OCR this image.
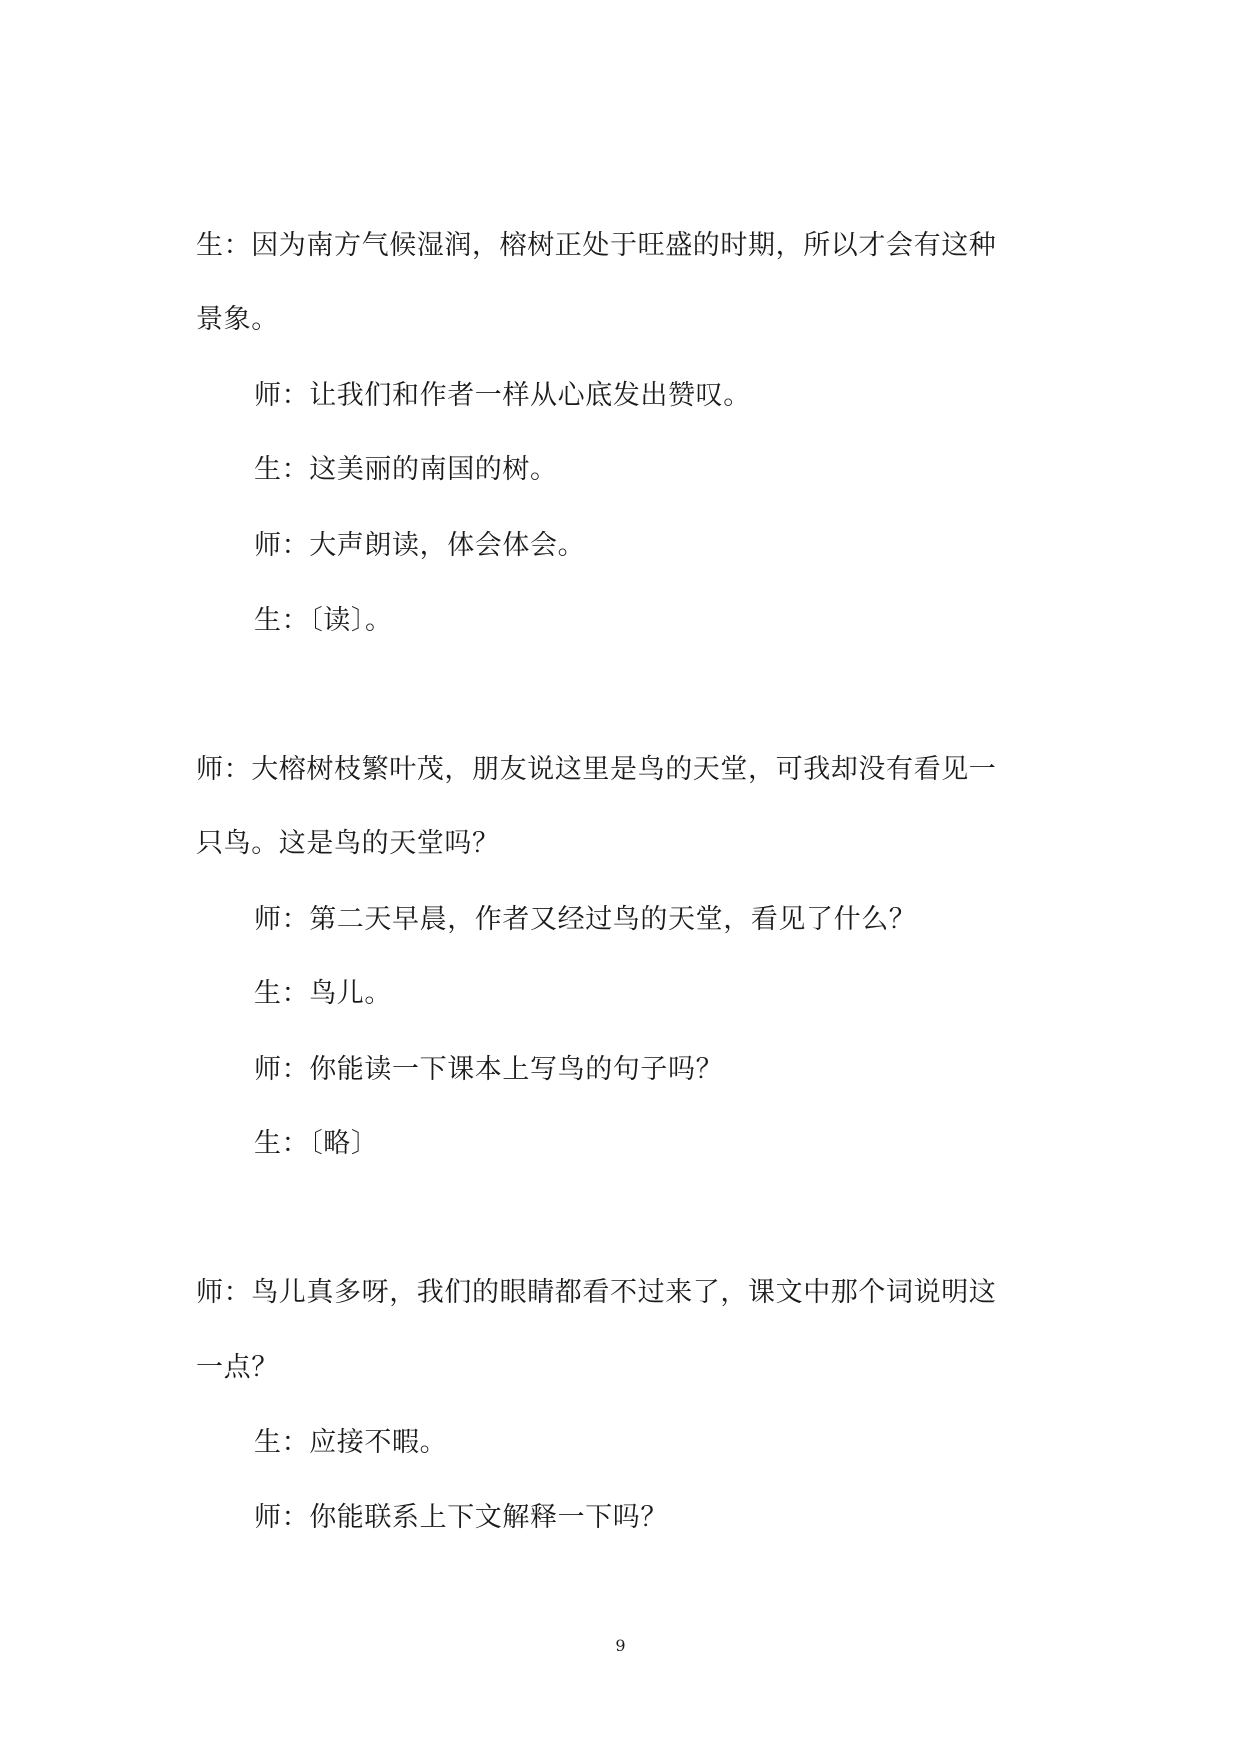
生：因为南方气候湿润，榕树正处于旺盛的时期，所以才会有这种

景象。

师：让我们和作者一样从心底发出赞叹。

生：这美丽的南国的树。

师：大声朗读，体会体会。

生：〔读〕。

师：大榕树枝繁叶茂，朋友说这里是鸟的天堂，可我却没有看见一

只鸟。这是鸟的天堂吗？

师：第二天早晨，作者又经过鸟的天堂，看见了什么？

生：鸟儿。

师：你能读一下课本上写鸟的句子吗？

生：〔略〕

师：鸟儿真多呀，我们的眼睛都看不过来了，课文中那个词说明这

一点？

生：应接不暇。

师：你能联系上下文解释一下吗？

9
